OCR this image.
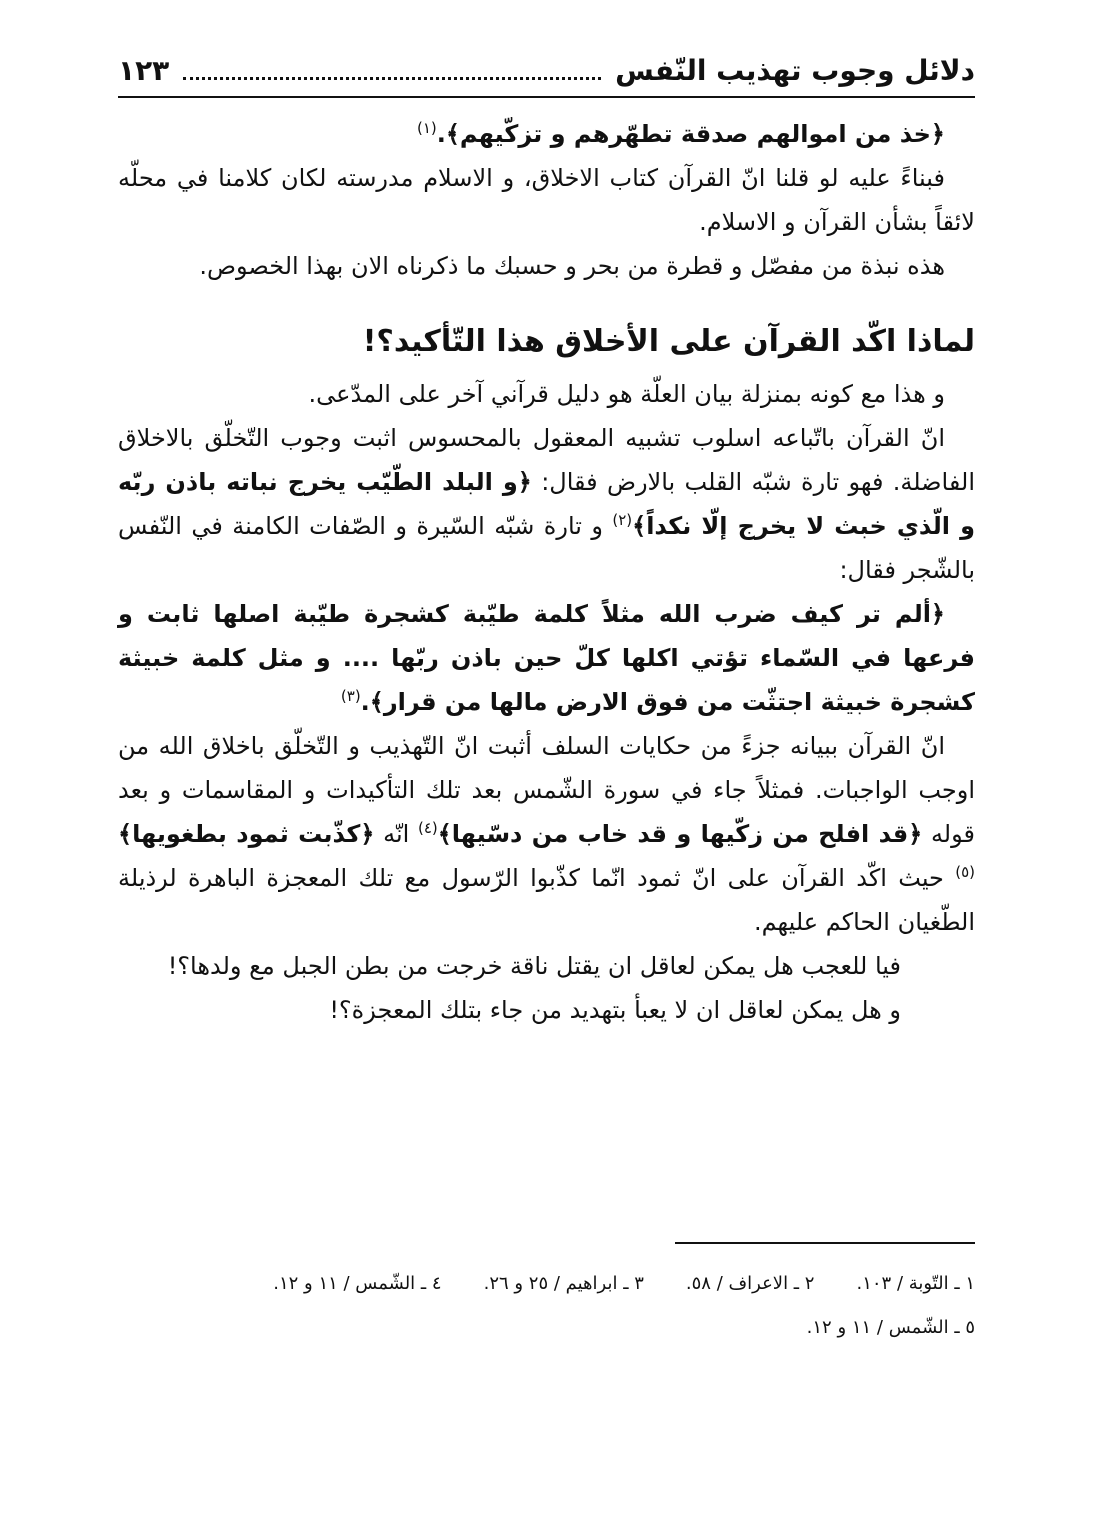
دلائل وجوب تهذيب النّفس
١٢٣

﴿خذ من اموالهم صدقة تطهّرهم و تزكّيهم﴾.$^{(١)}$

فبناءً عليه لو قلنا انّ القرآن كتاب الاخلاق، و الاسلام مدرسته لكان كلامنا في محلّه لائقاً بشأن القرآن و الاسلام.

هذه نبذة من مفصّل و قطرة من بحر و حسبك ما ذكرناه الان بهذا الخصوص.

لماذا اكّد القرآن على الأخلاق هذا التّأكيد؟!

و هذا مع كونه بمنزلة بيان العلّة هو دليل قرآني آخر على المدّعى.

انّ القرآن باتّباعه اسلوب تشبيه المعقول بالمحسوس اثبت وجوب التّخلّق بالاخلاق الفاضلة. فهو تارة شبّه القلب بالارض فقال: ﴿و البلد الطّيّب يخرج نباته باذن ربّه و الّذي خبث لا يخرج إلّا نكداً﴾$^{(٢)}$ و تارة شبّه السّيرة و الصّفات الكامنة في النّفس بالشّجر فقال:

﴿ألم تر كيف ضرب الله مثلاً كلمة طيّبة كشجرة طيّبة اصلها ثابت و فرعها في السّماء تؤتي اكلها كلّ حين باذن ربّها .... و مثل كلمة خبيثة كشجرة خبيثة اجتثّت من فوق الارض مالها من قرار﴾.$^{(٣)}$

انّ القرآن ببيانه جزءً من حكايات السلف أثبت انّ التّهذيب و التّخلّق باخلاق الله من اوجب الواجبات. فمثلاً جاء في سورة الشّمس بعد تلك التأكيدات و المقاسمات و بعد قوله ﴿قد افلح من زكّيها و قد خاب من دسّيها﴾$^{(٤)}$ انّه ﴿كذّبت ثمود بطغويها﴾$^{(٥)}$ حيث اكّد القرآن على انّ ثمود انّما كذّبوا الرّسول مع تلك المعجزة الباهرة لرذيلة الطّغيان الحاكم عليهم.

فيا للعجب هل يمكن لعاقل ان يقتل ناقة خرجت من بطن الجبل مع ولدها؟!

و هل يمكن لعاقل ان لا يعبأ بتهديد من جاء بتلك المعجزة؟!

١ ـ التّوبة / ١٠٣.
٢ ـ الاعراف / ٥٨.
٣ ـ ابراهيم / ٢٥ و ٢٦.
٤ ـ الشّمس / ١١ و ١٢.
٥ ـ الشّمس / ١١ و ١٢.
